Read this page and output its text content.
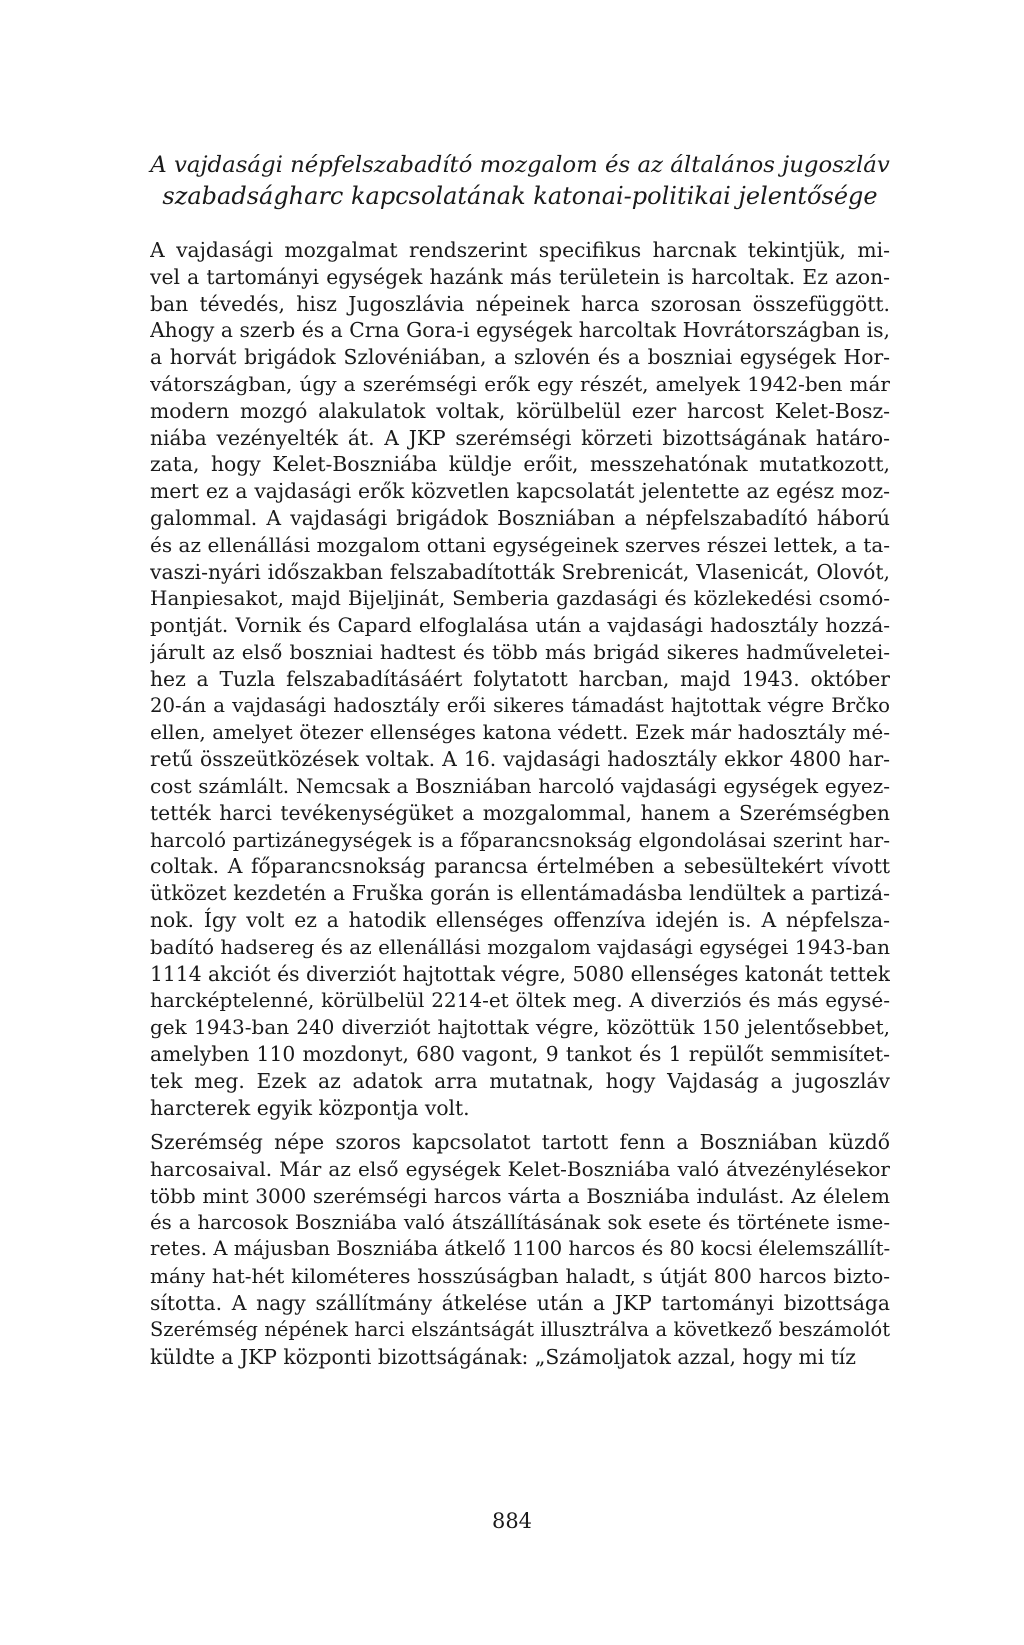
A vajdasági népfelszabadító mozgalom és az általános jugoszláv
szabadságharc kapcsolatának katonai-politikai jelentősége
A vajdasági mozgalmat rendszerint specifikus harcnak tekintjük, mi-
vel a tartományi egységek hazánk más területein is harcoltak. Ez azon-
ban tévedés, hisz Jugoszlávia népeinek harca szorosan összefüggött.
Ahogy a szerb és a Crna Gora-i egységek harcoltak Hovrátországban is,
a horvát brigádok Szlovéniában, a szlovén és a boszniai egységek Hor-
vátországban, úgy a szerémségi erők egy részét, amelyek 1942-ben már
modern mozgó alakulatok voltak, körülbelül ezer harcost Kelet-Bosz-
niába vezényelték át. A JKP szerémségi körzeti bizottságának határo-
zata, hogy Kelet-Boszniába küldje erőit, messzehatónak mutatkozott,
mert ez a vajdasági erők közvetlen kapcsolatát jelentette az egész moz-
galommal. A vajdasági brigádok Boszniában a népfelszabadító háború
és az ellenállási mozgalom ottani egységeinek szerves részei lettek, a ta-
vaszi-nyári időszakban felszabadították Srebrenicát, Vlasenicát, Olovót,
Hanpiesakot, majd Bijeljinát, Semberia gazdasági és közlekedési csomó-
pontját. Vornik és Capard elfoglalása után a vajdasági hadosztály hozzá-
járult az első boszniai hadtest és több más brigád sikeres hadműveletei-
hez a Tuzla felszabadításáért folytatott harcban, majd 1943. október
20-án a vajdasági hadosztály erői sikeres támadást hajtottak végre Brčko
ellen, amelyet ötezer ellenséges katona védett. Ezek már hadosztály mé-
retű összeütközések voltak. A 16. vajdasági hadosztály ekkor 4800 har-
cost számlált. Nemcsak a Boszniában harcoló vajdasági egységek egyez-
tették harci tevékenységüket a mozgalommal, hanem a Szerémségben
harcoló partizánegységek is a főparancsnokság elgondolásai szerint har-
coltak. A főparancsnokság parancsa értelmében a sebesültekért vívott
ütközet kezdetén a Fruška gorán is ellentámadásba lendültek a partizá-
nok. Így volt ez a hatodik ellenséges offenzíva idején is. A népfelsza-
badító hadsereg és az ellenállási mozgalom vajdasági egységei 1943-ban
1114 akciót és diverziót hajtottak végre, 5080 ellenséges katonát tettek
harcképtelenné, körülbelül 2214-et öltek meg. A diverziós és más egysé-
gek 1943-ban 240 diverziót hajtottak végre, közöttük 150 jelentősebbet,
amelyben 110 mozdonyt, 680 vagont, 9 tankot és 1 repülőt semmisítet-
tek meg. Ezek az adatok arra mutatnak, hogy Vajdaság a jugoszláv
harcterek egyik központja volt.
Szerémség népe szoros kapcsolatot tartott fenn a Boszniában küzdő
harcosaival. Már az első egységek Kelet-Boszniába való átvezénylésekor
több mint 3000 szerémségi harcos várta a Boszniába indulást. Az élelem
és a harcosok Boszniába való átszállításának sok esete és története isme-
retes. A májusban Boszniába átkelő 1100 harcos és 80 kocsi élelemszállít-
mány hat-hét kilométeres hosszúságban haladt, s útját 800 harcos bizto-
sította. A nagy szállítmány átkelése után a JKP tartományi bizottsága
Szerémség népének harci elszántságát illusztrálva a következő beszámolót
küldte a JKP központi bizottságának: „Számoljatok azzal, hogy mi tíz
884
